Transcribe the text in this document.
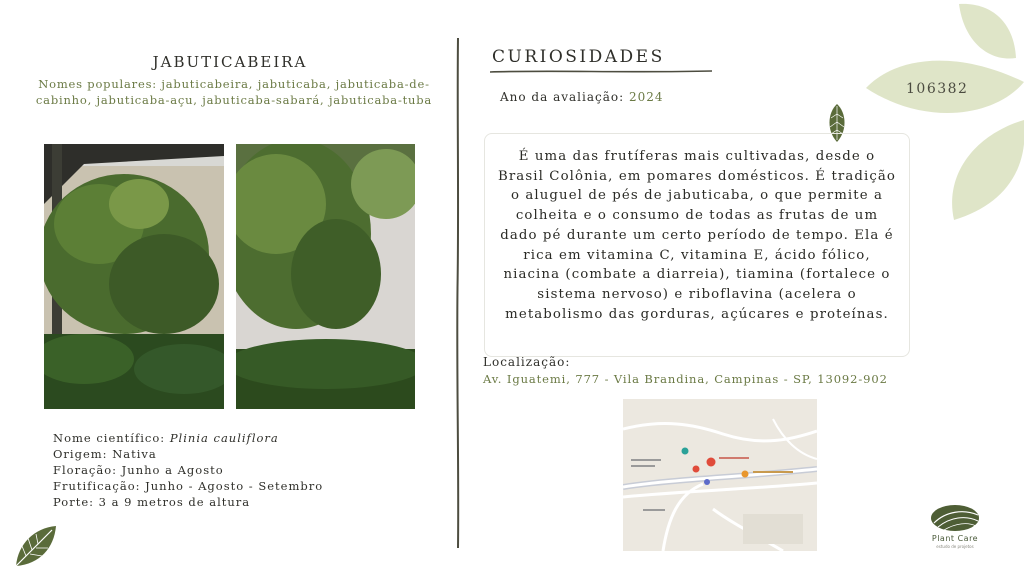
JABUTICABEIRA
Nomes populares: jabuticabeira, jabuticaba, jabuticaba-de-cabinho, jabuticaba-açu, jabuticaba-sabará, jabuticaba-tuba
Nome científico: Plinia cauliflora
Origem: Nativa
Floração: Junho a Agosto
Frutificação: Junho - Agosto - Setembro
Porte: 3 a 9 metros de altura
CURIOSIDADES
Ano da avaliação: 2024
É uma das frutíferas mais cultivadas, desde o Brasil Colônia, em pomares domésticos. É tradição o aluguel de pés de jabuticaba, o que permite a colheita e o consumo de todas as frutas de um dado pé durante um certo período de tempo. Ela é rica em vitamina C, vitamina E, ácido fólico, niacina (combate a diarreia), tiamina (fortalece o sistema nervoso) e riboflavina (acelera o metabolismo das gorduras, açúcares e proteínas.
Localização:
Av. Iguatemi, 777 - Vila Brandina, Campinas - SP, 13092-902
106382
Plant Care
estudo de projetos
